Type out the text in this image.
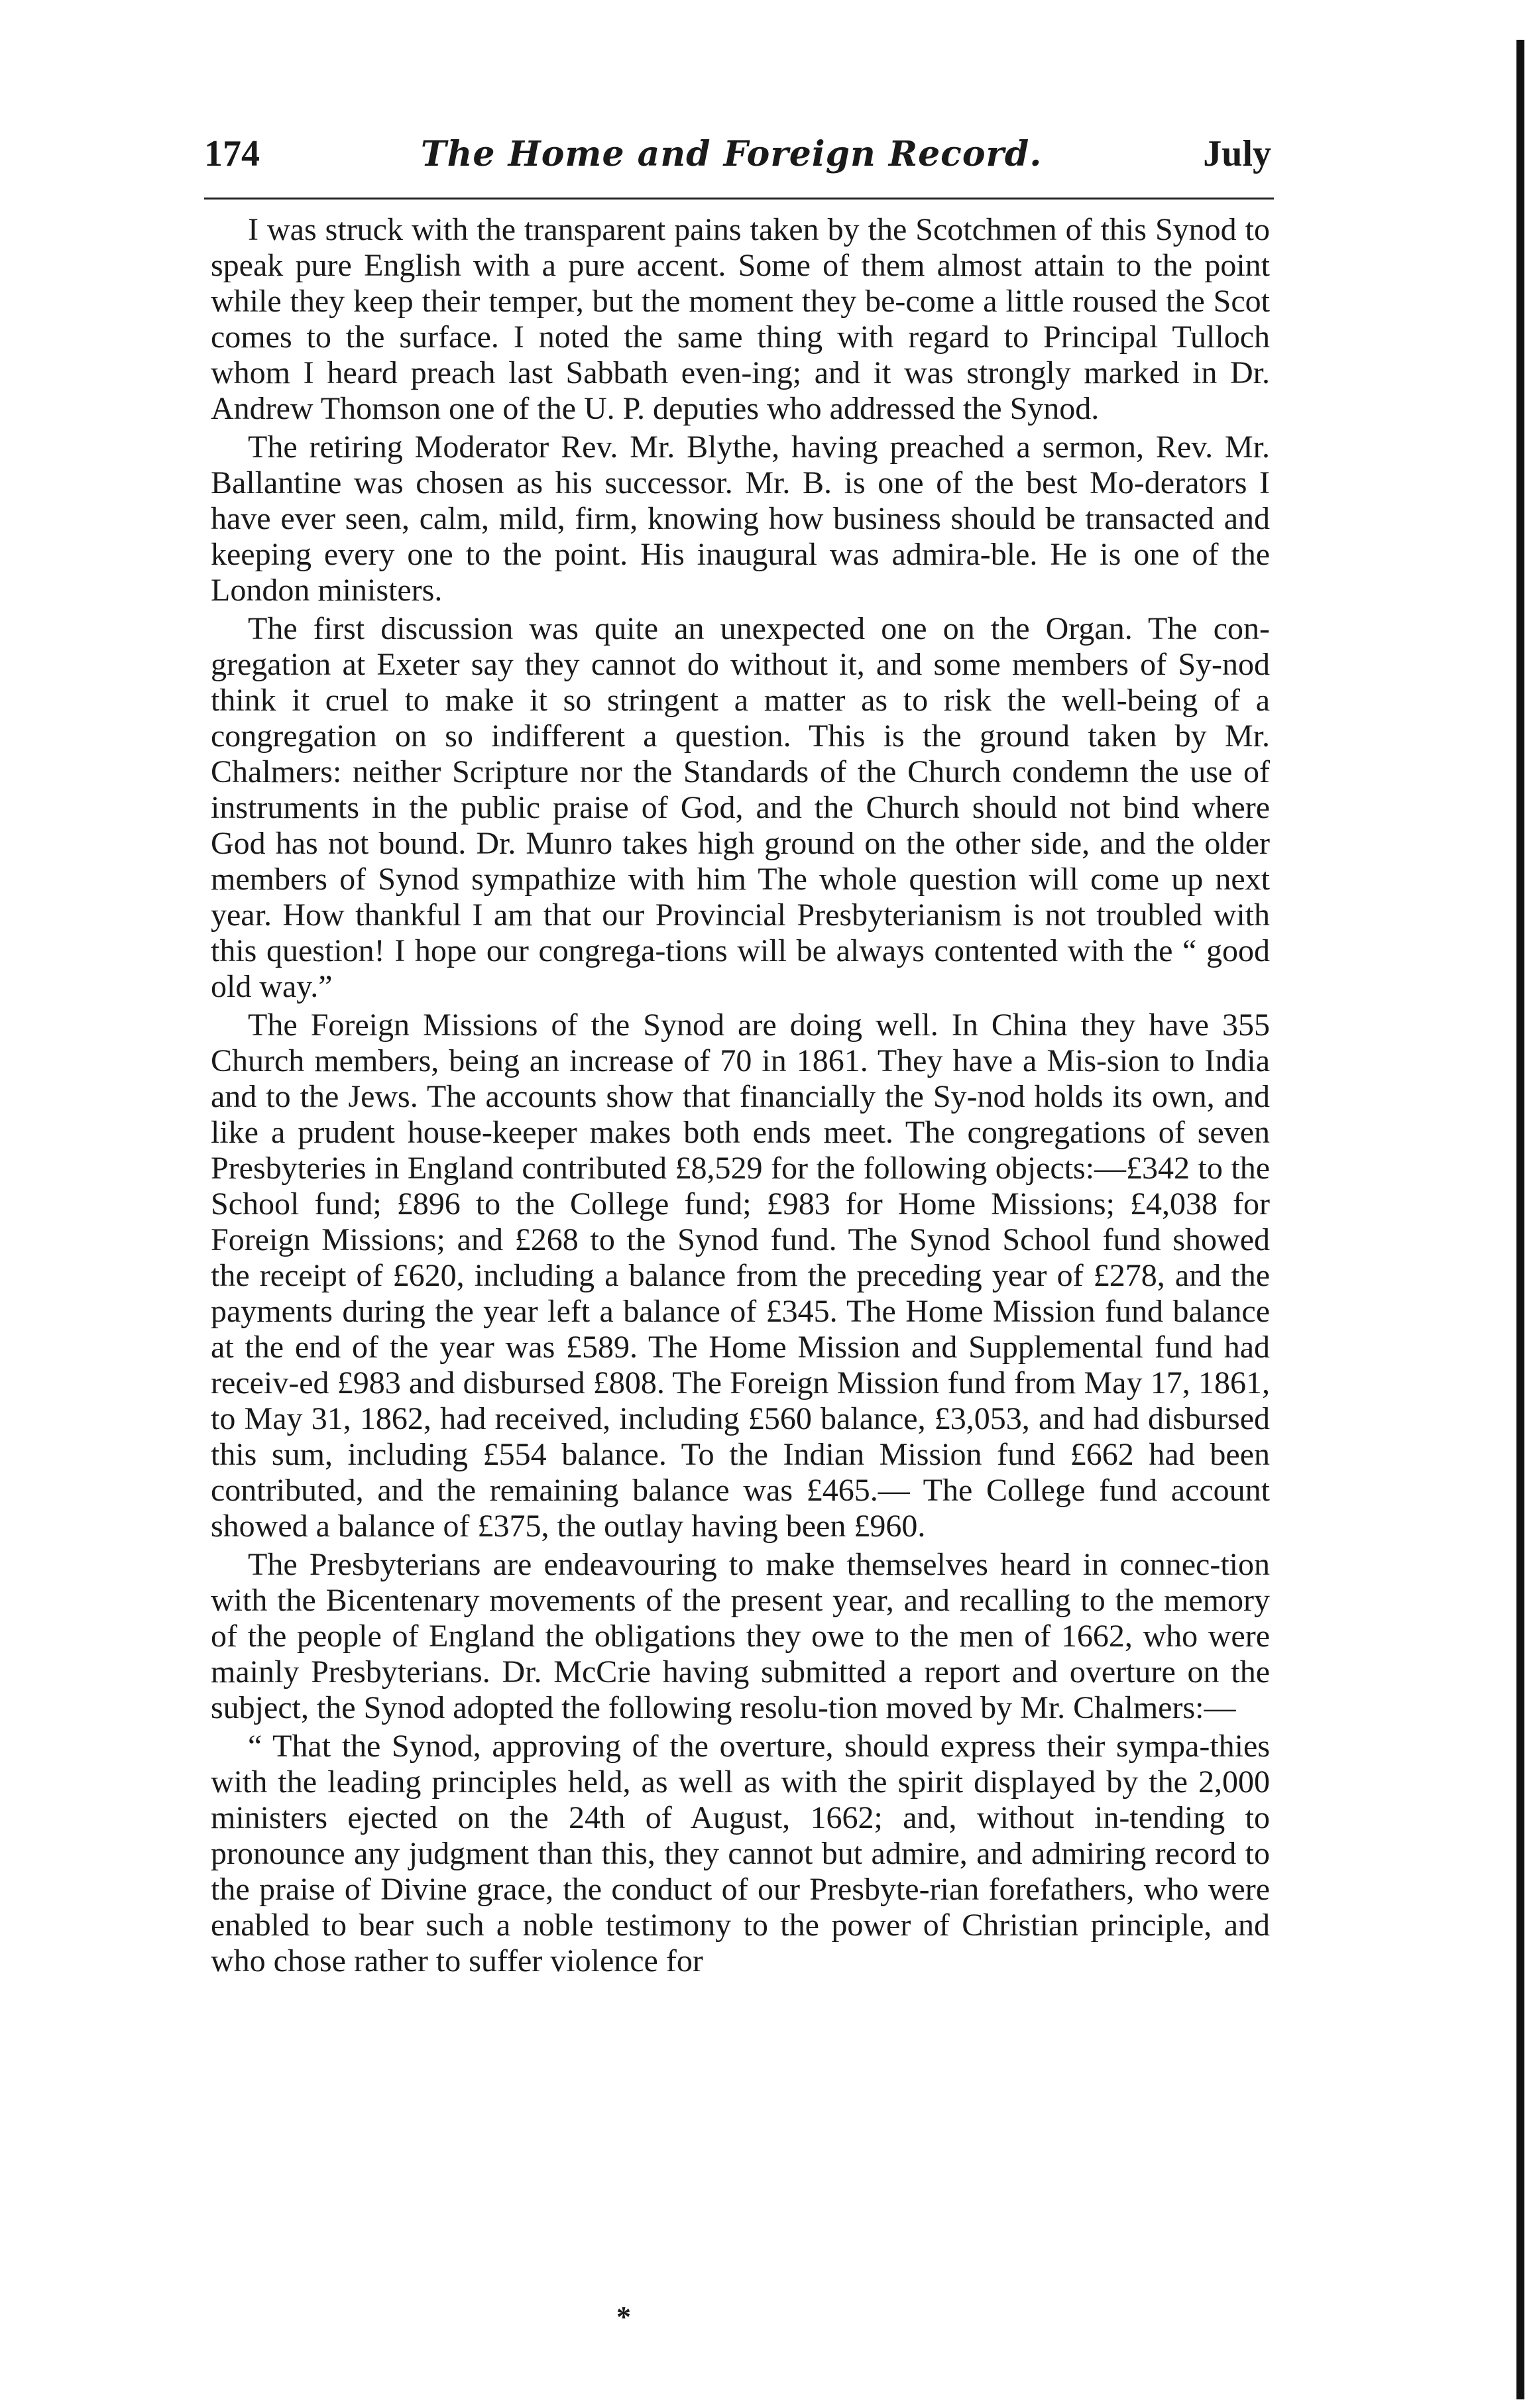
174	The Home and Foreign Record.	July

I was struck with the transparent pains taken by the Scotchmen of this Synod to speak pure English with a pure accent. Some of them almost attain to the point while they keep their temper, but the moment they be-come a little roused the Scot comes to the surface. I noted the same thing with regard to Principal Tulloch whom I heard preach last Sabbath even-ing; and it was strongly marked in Dr. Andrew Thomson one of the U. P. deputies who addressed the Synod.

The retiring Moderator Rev. Mr. Blythe, having preached a sermon, Rev. Mr. Ballantine was chosen as his successor. Mr. B. is one of the best Mo-derators I have ever seen, calm, mild, firm, knowing how business should be transacted and keeping every one to the point. His inaugural was admira-ble. He is one of the London ministers.

The first discussion was quite an unexpected one on the Organ. The con-gregation at Exeter say they cannot do without it, and some members of Sy-nod think it cruel to make it so stringent a matter as to risk the well-being of a congregation on so indifferent a question. This is the ground taken by Mr. Chalmers: neither Scripture nor the Standards of the Church condemn the use of instruments in the public praise of God, and the Church should not bind where God has not bound. Dr. Munro takes high ground on the other side, and the older members of Synod sympathize with him The whole question will come up next year. How thankful I am that our Provincial Presbyterianism is not troubled with this question! I hope our congrega-tions will be always contented with the “ good old way.”

The Foreign Missions of the Synod are doing well. In China they have 355 Church members, being an increase of 70 in 1861. They have a Mis-sion to India and to the Jews. The accounts show that financially the Sy-nod holds its own, and like a prudent house-keeper makes both ends meet. The congregations of seven Presbyteries in England contributed £8,529 for the following objects:—£342 to the School fund; £896 to the College fund; £983 for Home Missions; £4,038 for Foreign Missions; and £268 to the Synod fund. The Synod School fund showed the receipt of £620, including a balance from the preceding year of £278, and the payments during the year left a balance of £345. The Home Mission fund balance at the end of the year was £589. The Home Mission and Supplemental fund had receiv-ed £983 and disbursed £808. The Foreign Mission fund from May 17, 1861, to May 31, 1862, had received, including £560 balance, £3,053, and had disbursed this sum, including £554 balance. To the Indian Mission fund £662 had been contributed, and the remaining balance was £465.— The College fund account showed a balance of £375, the outlay having been £960.

The Presbyterians are endeavouring to make themselves heard in connec-tion with the Bicentenary movements of the present year, and recalling to the memory of the people of England the obligations they owe to the men of 1662, who were mainly Presbyterians. Dr. McCrie having submitted a report and overture on the subject, the Synod adopted the following resolu-tion moved by Mr. Chalmers:—

“ That the Synod, approving of the overture, should express their sympa-thies with the leading principles held, as well as with the spirit displayed by the 2,000 ministers ejected on the 24th of August, 1662; and, without in-tending to pronounce any judgment than this, they cannot but admire, and admiring record to the praise of Divine grace, the conduct of our Presbyte-rian forefathers, who were enabled to bear such a noble testimony to the power of Christian principle, and who chose rather to suffer violence for

*
